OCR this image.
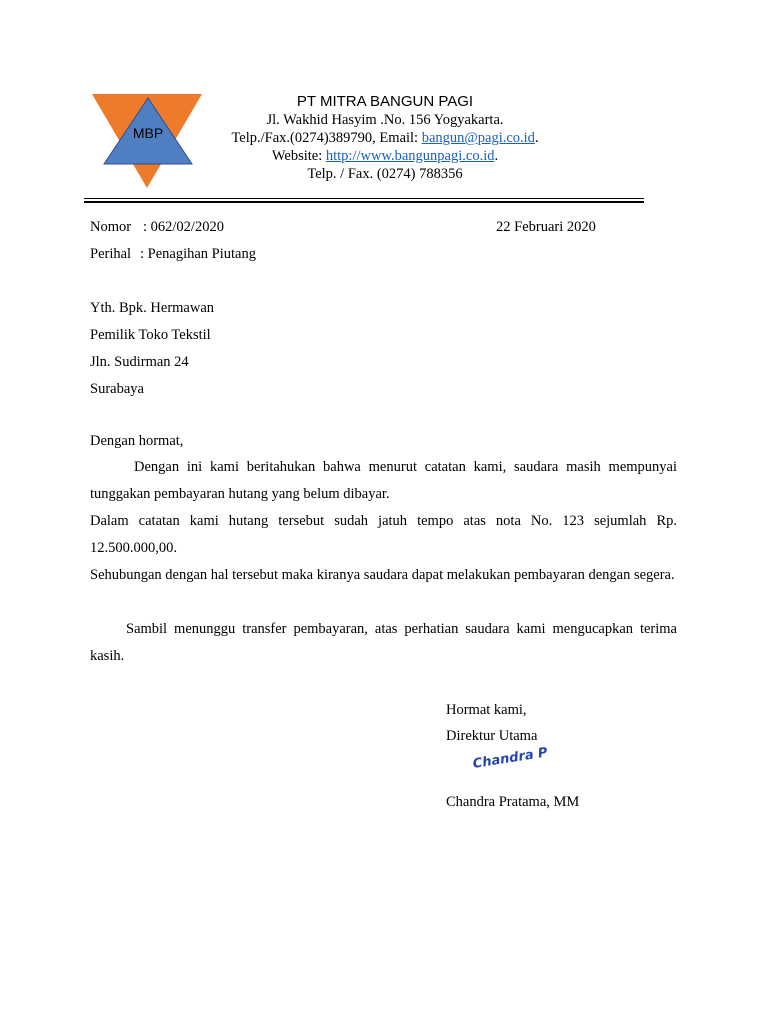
MBP
PT MITRA BANGUN PAGI
Jl. Wakhid Hasyim .No. 156 Yogyakarta.
Telp./Fax.(0274)389790, Email: bangun@pagi.co.id.
Website: http://www.bangunpagi.co.id.
Telp. / Fax. (0274) 788356
Nomor : 062/02/2020	22 Februari 2020
Perihal : Penagihan Piutang
Yth. Bpk. Hermawan
Pemilik Toko Tekstil
Jln. Sudirman 24
Surabaya
Dengan hormat,
Dengan ini kami beritahukan bahwa menurut catatan kami, saudara masih mempunyai tunggakan pembayaran hutang yang belum dibayar.
Dalam catatan kami hutang tersebut sudah jatuh tempo atas nota No. 123 sejumlah Rp. 12.500.000,00.
Sehubungan dengan hal tersebut maka kiranya saudara dapat melakukan pembayaran dengan segera.
Sambil menunggu transfer pembayaran, atas perhatian saudara kami mengucapkan terima kasih.
Hormat kami,
Direktur Utama
Chandra P
Chandra Pratama, MM
